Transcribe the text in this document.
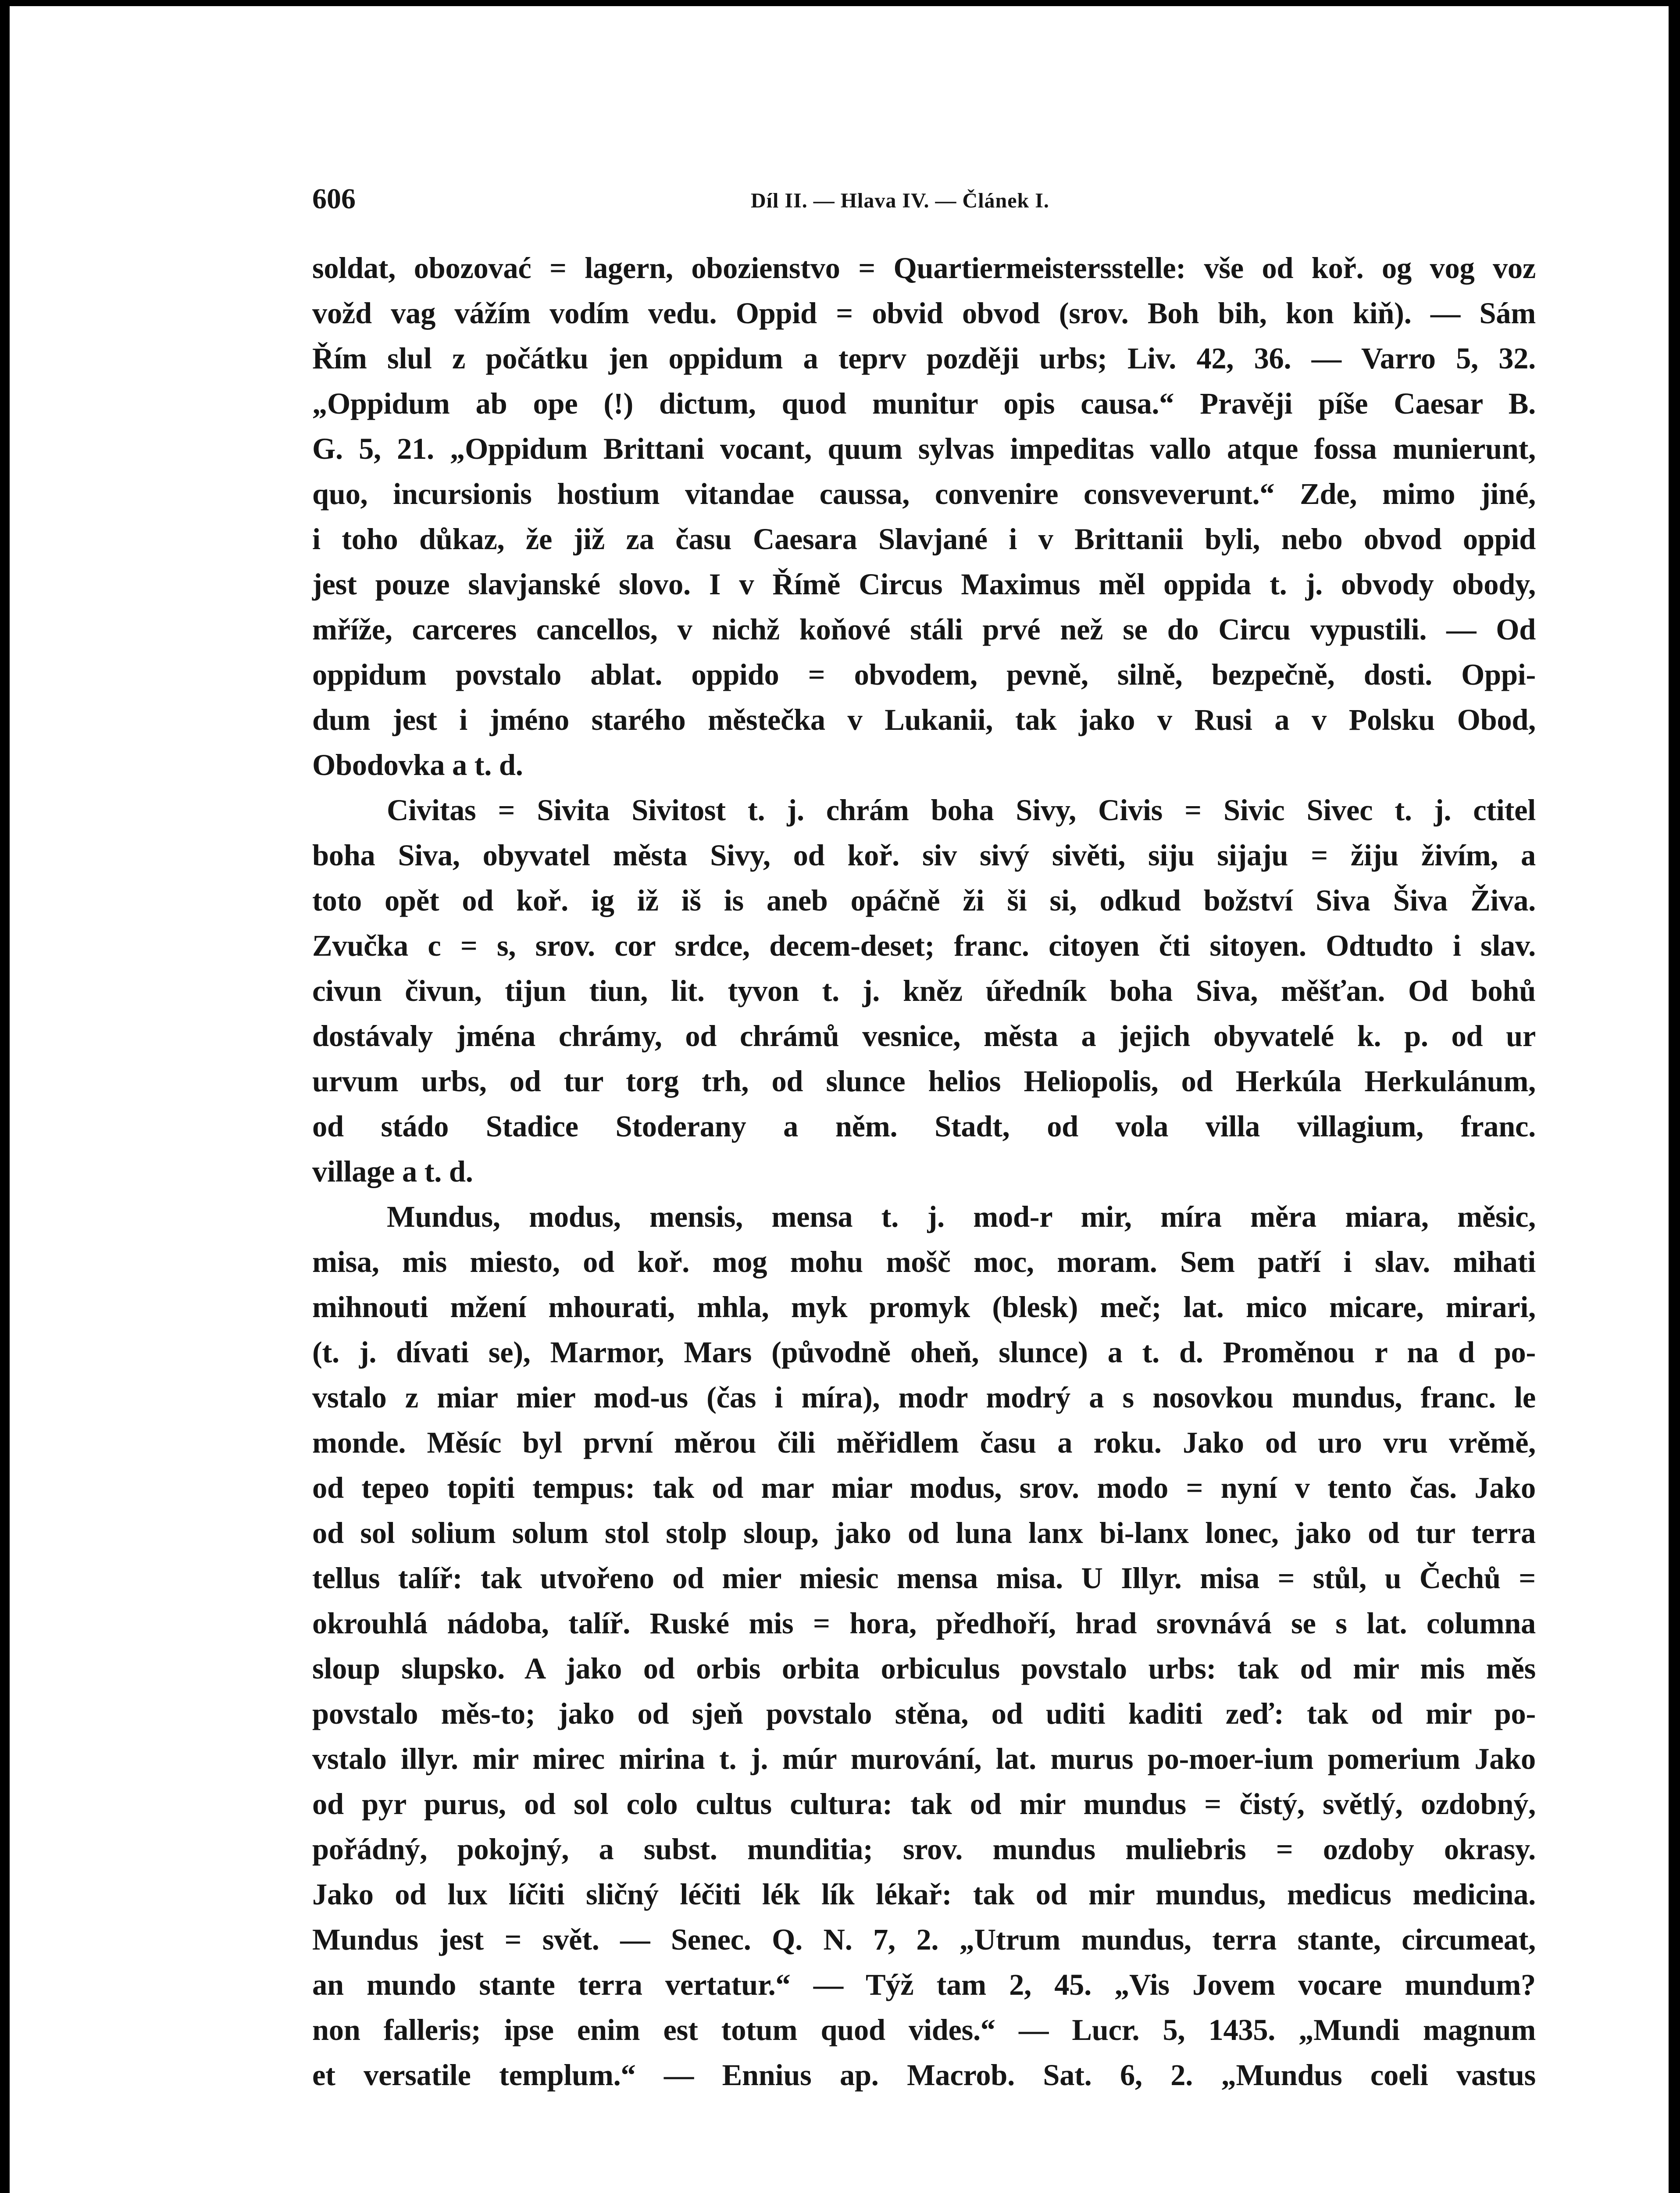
606	Díl II. — Hlava IV. — Článek I.
soldat, obozovać = lagern, obozienstvo = Quartiermeistersstelle: vše od koř. og vog voz
vožd vag vážím vodím vedu. Oppid = obvid obvod (srov. Boh bih, kon kiň). — Sám
Řím slul z počátku jen oppidum a teprv později urbs; Liv. 42, 36. — Varro 5, 32.
„Oppidum ab ope (!) dictum, quod munitur opis causa.“ Pravěji píše Caesar B.
G. 5, 21. „Oppidum Brittani vocant, quum sylvas impeditas vallo atque fossa munierunt,
quo, incursionis hostium vitandae caussa, convenire consveverunt.“ Zde, mimo jiné,
i toho důkaz, že již za času Caesara Slavjané i v Brittanii byli, nebo obvod oppid
jest pouze slavjanské slovo. I v Římě Circus Maximus měl oppida t. j. obvody obody,
mříže, carceres cancellos, v nichž koňové stáli prvé než se do Circu vypustili. — Od
oppidum povstalo ablat. oppido = obvodem, pevně, silně, bezpečně, dosti. Oppi-
dum jest i jméno starého městečka v Lukanii, tak jako v Rusi a v Polsku Obod,
Obodovka a t. d.
Civitas = Sivita Sivitost t. j. chrám boha Sivy, Civis = Sivic Sivec t. j. ctitel
boha Siva, obyvatel města Sivy, od koř. siv sivý sivěti, siju sijaju = žiju živím, a
toto opět od koř. ig iž iš is aneb opáčně ži ši si, odkud božství Siva Šiva Živa.
Zvučka c = s, srov. cor srdce, decem-deset; franc. citoyen čti sitoyen. Odtudto i slav.
civun čivun, tijun tiun, lit. tyvon t. j. kněz úředník boha Siva, měšťan. Od bohů
dostávaly jména chrámy, od chrámů vesnice, města a jejich obyvatelé k. p. od ur
urvum urbs, od tur torg trh, od slunce helios Heliopolis, od Herkúla Herkulánum,
od stádo Stadice Stoderany a něm. Stadt, od vola villa villagium, franc.
village a t. d.
Mundus, modus, mensis, mensa t. j. mod-r mir, míra měra miara, měsic,
misa, mis miesto, od koř. mog mohu mošč moc, moram. Sem patří i slav. mihati
mihnouti mžení mhourati, mhla, myk promyk (blesk) meč; lat. mico micare, mirari,
(t. j. dívati se), Marmor, Mars (původně oheň, slunce) a t. d. Proměnou r na d po-
vstalo z miar mier mod-us (čas i míra), modr modrý a s nosovkou mundus, franc. le
monde. Měsíc byl první měrou čili měřidlem času a roku. Jako od uro vru vrěmě,
od tepeo topiti tempus: tak od mar miar modus, srov. modo = nyní v tento čas. Jako
od sol solium solum stol stolp sloup, jako od luna lanx bi-lanx lonec, jako od tur terra
tellus talíř: tak utvořeno od mier miesic mensa misa. U Illyr. misa = stůl, u Čechů =
okrouhlá nádoba, talíř. Ruské mis = hora, předhoří, hrad srovnává se s lat. columna
sloup slupsko. A jako od orbis orbita orbiculus povstalo urbs: tak od mir mis měs
povstalo měs-to; jako od sjeň povstalo stěna, od uditi kaditi zeď: tak od mir po-
vstalo illyr. mir mirec mirina t. j. múr murování, lat. murus po-moer-ium pomerium Jako
od pyr purus, od sol colo cultus cultura: tak od mir mundus = čistý, světlý, ozdobný,
pořádný, pokojný, a subst. munditia; srov. mundus muliebris = ozdoby okrasy.
Jako od lux líčiti sličný léčiti lék lík lékař: tak od mir mundus, medicus medicina.
Mundus jest = svět. — Senec. Q. N. 7, 2. „Utrum mundus, terra stante, circumeat,
an mundo stante terra vertatur.“ — Týž tam 2, 45. „Vis Jovem vocare mundum?
non falleris; ipse enim est totum quod vides.“ — Lucr. 5, 1435. „Mundi magnum
et versatile templum.“ — Ennius ap. Macrob. Sat. 6, 2. „Mundus coeli vastus
